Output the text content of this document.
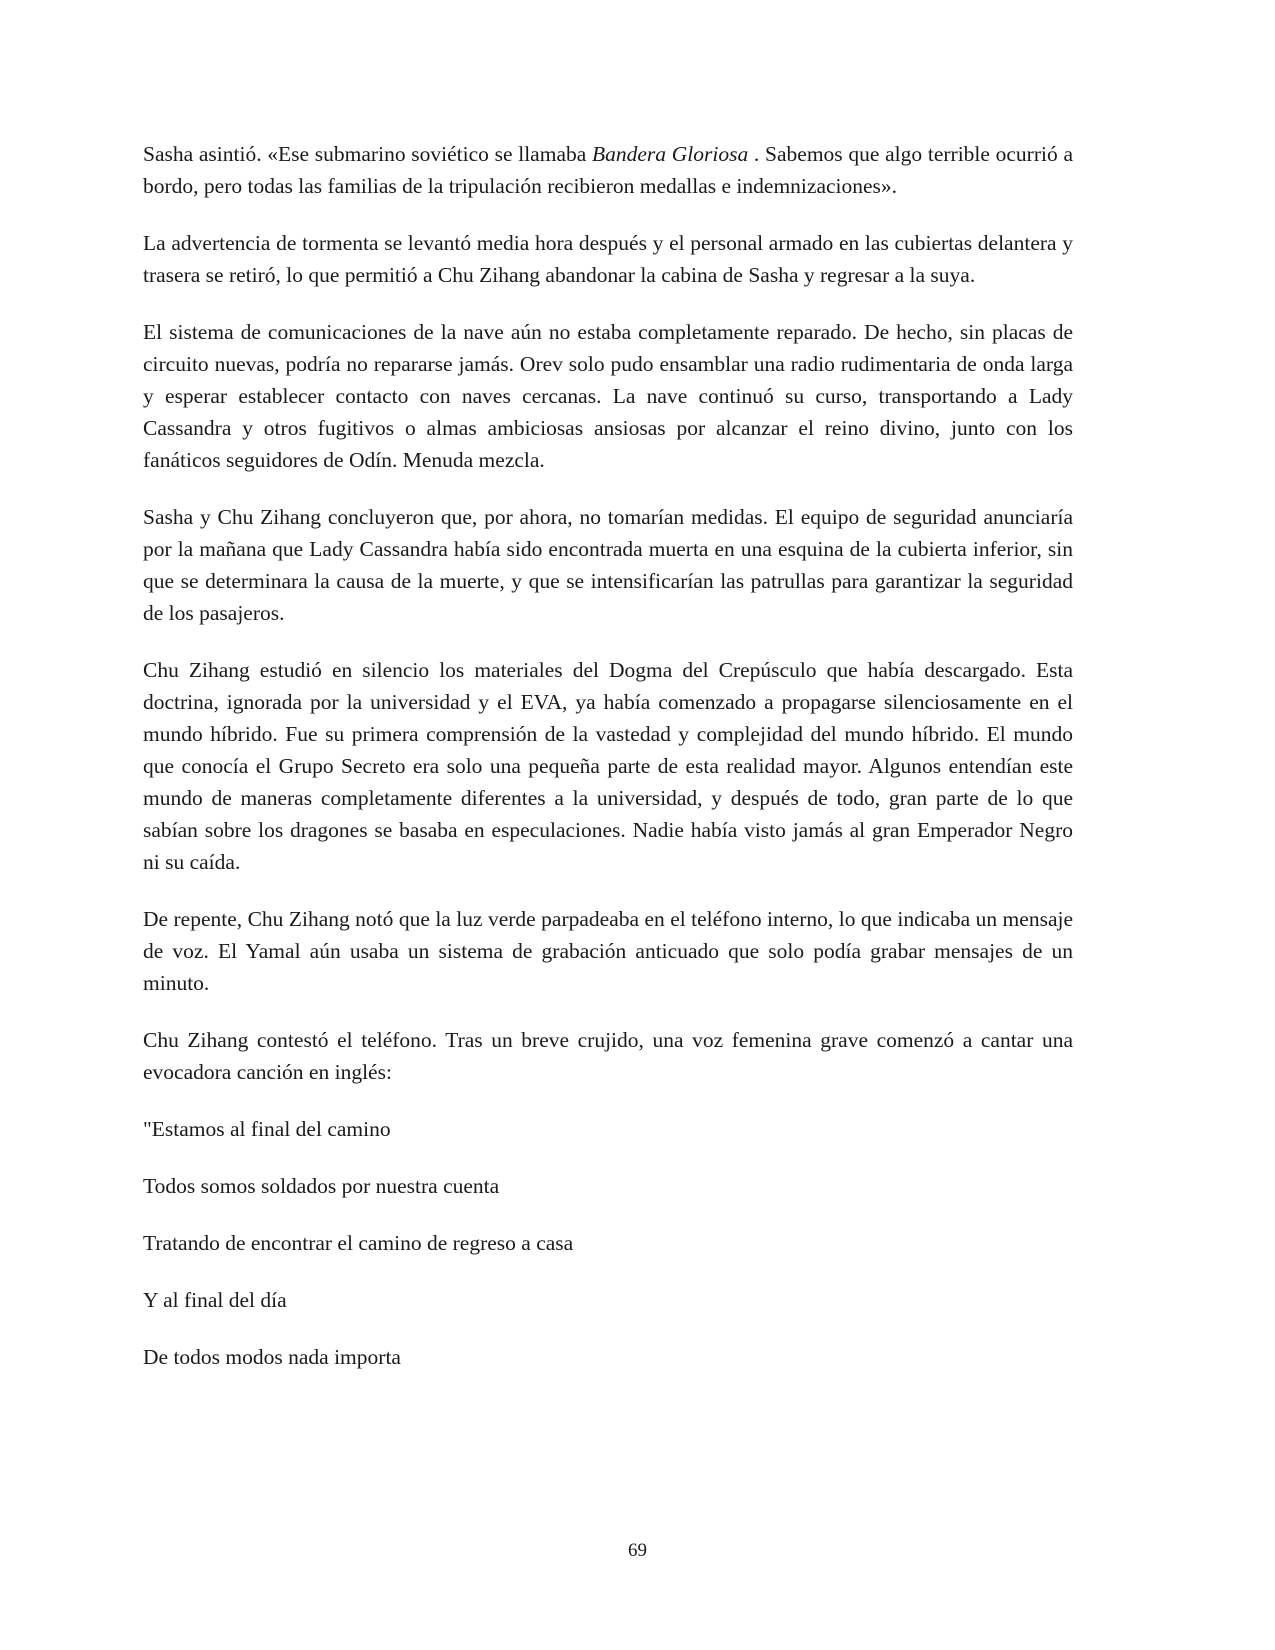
Sasha asintió. «Ese submarino soviético se llamaba Bandera Gloriosa . Sabemos que algo terrible ocurrió a bordo, pero todas las familias de la tripulación recibieron medallas e indemnizaciones».

La advertencia de tormenta se levantó media hora después y el personal armado en las cubiertas delantera y trasera se retiró, lo que permitió a Chu Zihang abandonar la cabina de Sasha y regresar a la suya.

El sistema de comunicaciones de la nave aún no estaba completamente reparado. De hecho, sin placas de circuito nuevas, podría no repararse jamás. Orev solo pudo ensamblar una radio rudimentaria de onda larga y esperar establecer contacto con naves cercanas. La nave continuó su curso, transportando a Lady Cassandra y otros fugitivos o almas ambiciosas ansiosas por alcanzar el reino divino, junto con los fanáticos seguidores de Odín. Menuda mezcla.

Sasha y Chu Zihang concluyeron que, por ahora, no tomarían medidas. El equipo de seguridad anunciaría por la mañana que Lady Cassandra había sido encontrada muerta en una esquina de la cubierta inferior, sin que se determinara la causa de la muerte, y que se intensificarían las patrullas para garantizar la seguridad de los pasajeros.

Chu Zihang estudió en silencio los materiales del Dogma del Crepúsculo que había descargado. Esta doctrina, ignorada por la universidad y el EVA, ya había comenzado a propagarse silenciosamente en el mundo híbrido. Fue su primera comprensión de la vastedad y complejidad del mundo híbrido. El mundo que conocía el Grupo Secreto era solo una pequeña parte de esta realidad mayor. Algunos entendían este mundo de maneras completamente diferentes a la universidad, y después de todo, gran parte de lo que sabían sobre los dragones se basaba en especulaciones. Nadie había visto jamás al gran Emperador Negro ni su caída.

De repente, Chu Zihang notó que la luz verde parpadeaba en el teléfono interno, lo que indicaba un mensaje de voz. El Yamal aún usaba un sistema de grabación anticuado que solo podía grabar mensajes de un minuto.

Chu Zihang contestó el teléfono. Tras un breve crujido, una voz femenina grave comenzó a cantar una evocadora canción en inglés:

"Estamos al final del camino

Todos somos soldados por nuestra cuenta

Tratando de encontrar el camino de regreso a casa

Y al final del día

De todos modos nada importa

69
